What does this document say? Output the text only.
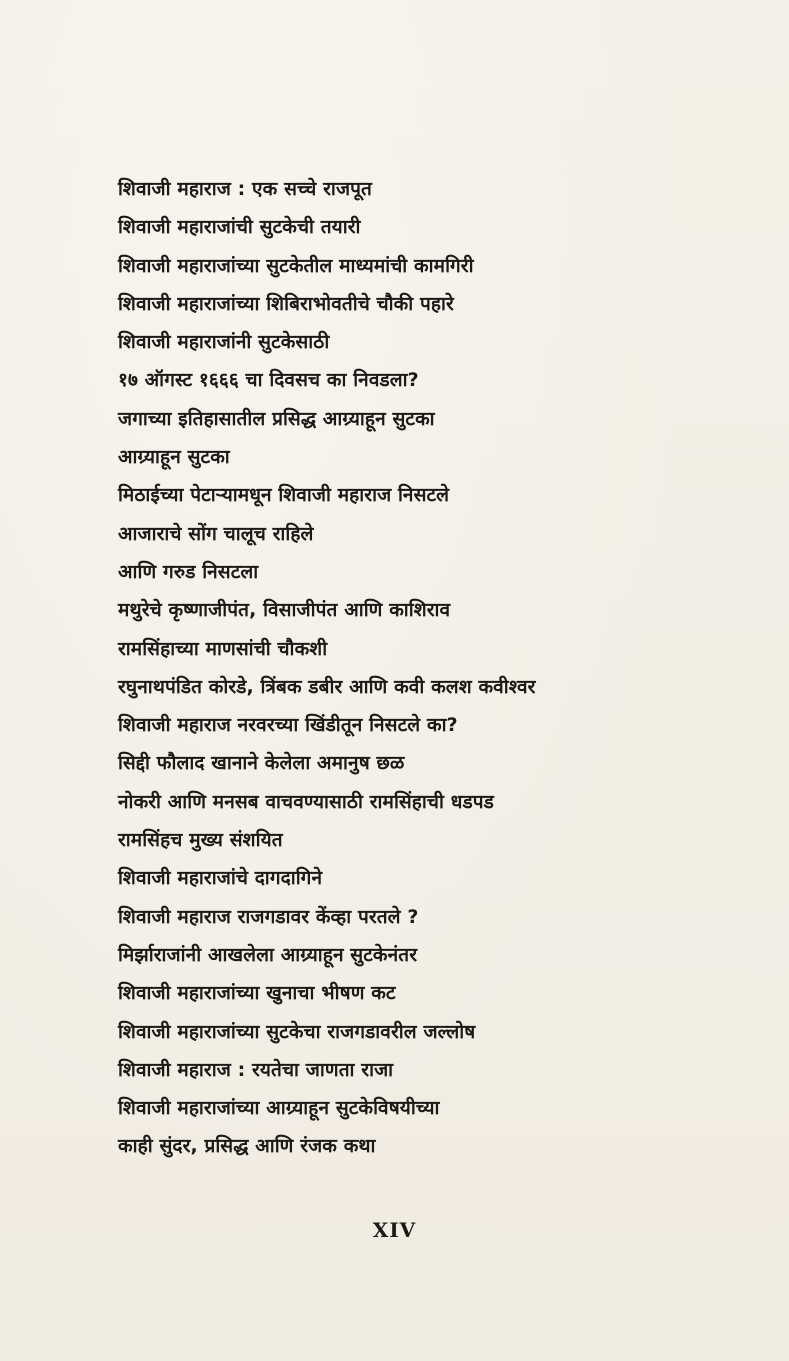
शिवाजी महाराज : एक सच्चे राजपूत
शिवाजी महाराजांची सुटकेची तयारी
शिवाजी महाराजांच्या सुटकेतील माध्यमांची कामगिरी
शिवाजी महाराजांच्या शिबिराभोवतीचे चौकी पहारे
शिवाजी महाराजांनी सुटकेसाठी
१७ ऑगस्ट १६६६ चा दिवसच का निवडला?
जगाच्या इतिहासातील प्रसिद्ध आग्र्याहून सुटका
आग्र्याहून सुटका
मिठाईच्या पेटाऱ्यामधून शिवाजी महाराज निसटले
आजाराचे सोंग चालूच राहिले
आणि गरुड निसटला
मथुरेचे कृष्णाजीपंत, विसाजीपंत आणि काशिराव
रामसिंहाच्या माणसांची चौकशी
रघुनाथपंडित कोरडे, त्रिंबक डबीर आणि कवी कलश कवीश्वर
शिवाजी महाराज नरवरच्या खिंडीतून निसटले का?
सिद्दी फौलाद खानाने केलेला अमानुष छळ
नोकरी आणि मनसब वाचवण्यासाठी रामसिंहाची धडपड
रामसिंहच मुख्य संशयित
शिवाजी महाराजांचे दागदागिने
शिवाजी महाराज राजगडावर केंव्हा परतले ?
मिर्झाराजांनी आखलेला आग्र्याहून सुटकेनंतर
शिवाजी महाराजांच्या खुनाचा भीषण कट
शिवाजी महाराजांच्या सुटकेचा राजगडावरील जल्लोष
शिवाजी महाराज : रयतेचा जाणता राजा
शिवाजी महाराजांच्या आग्र्याहून सुटकेविषयीच्या
काही सुंदर, प्रसिद्ध आणि रंजक कथा
XIV
